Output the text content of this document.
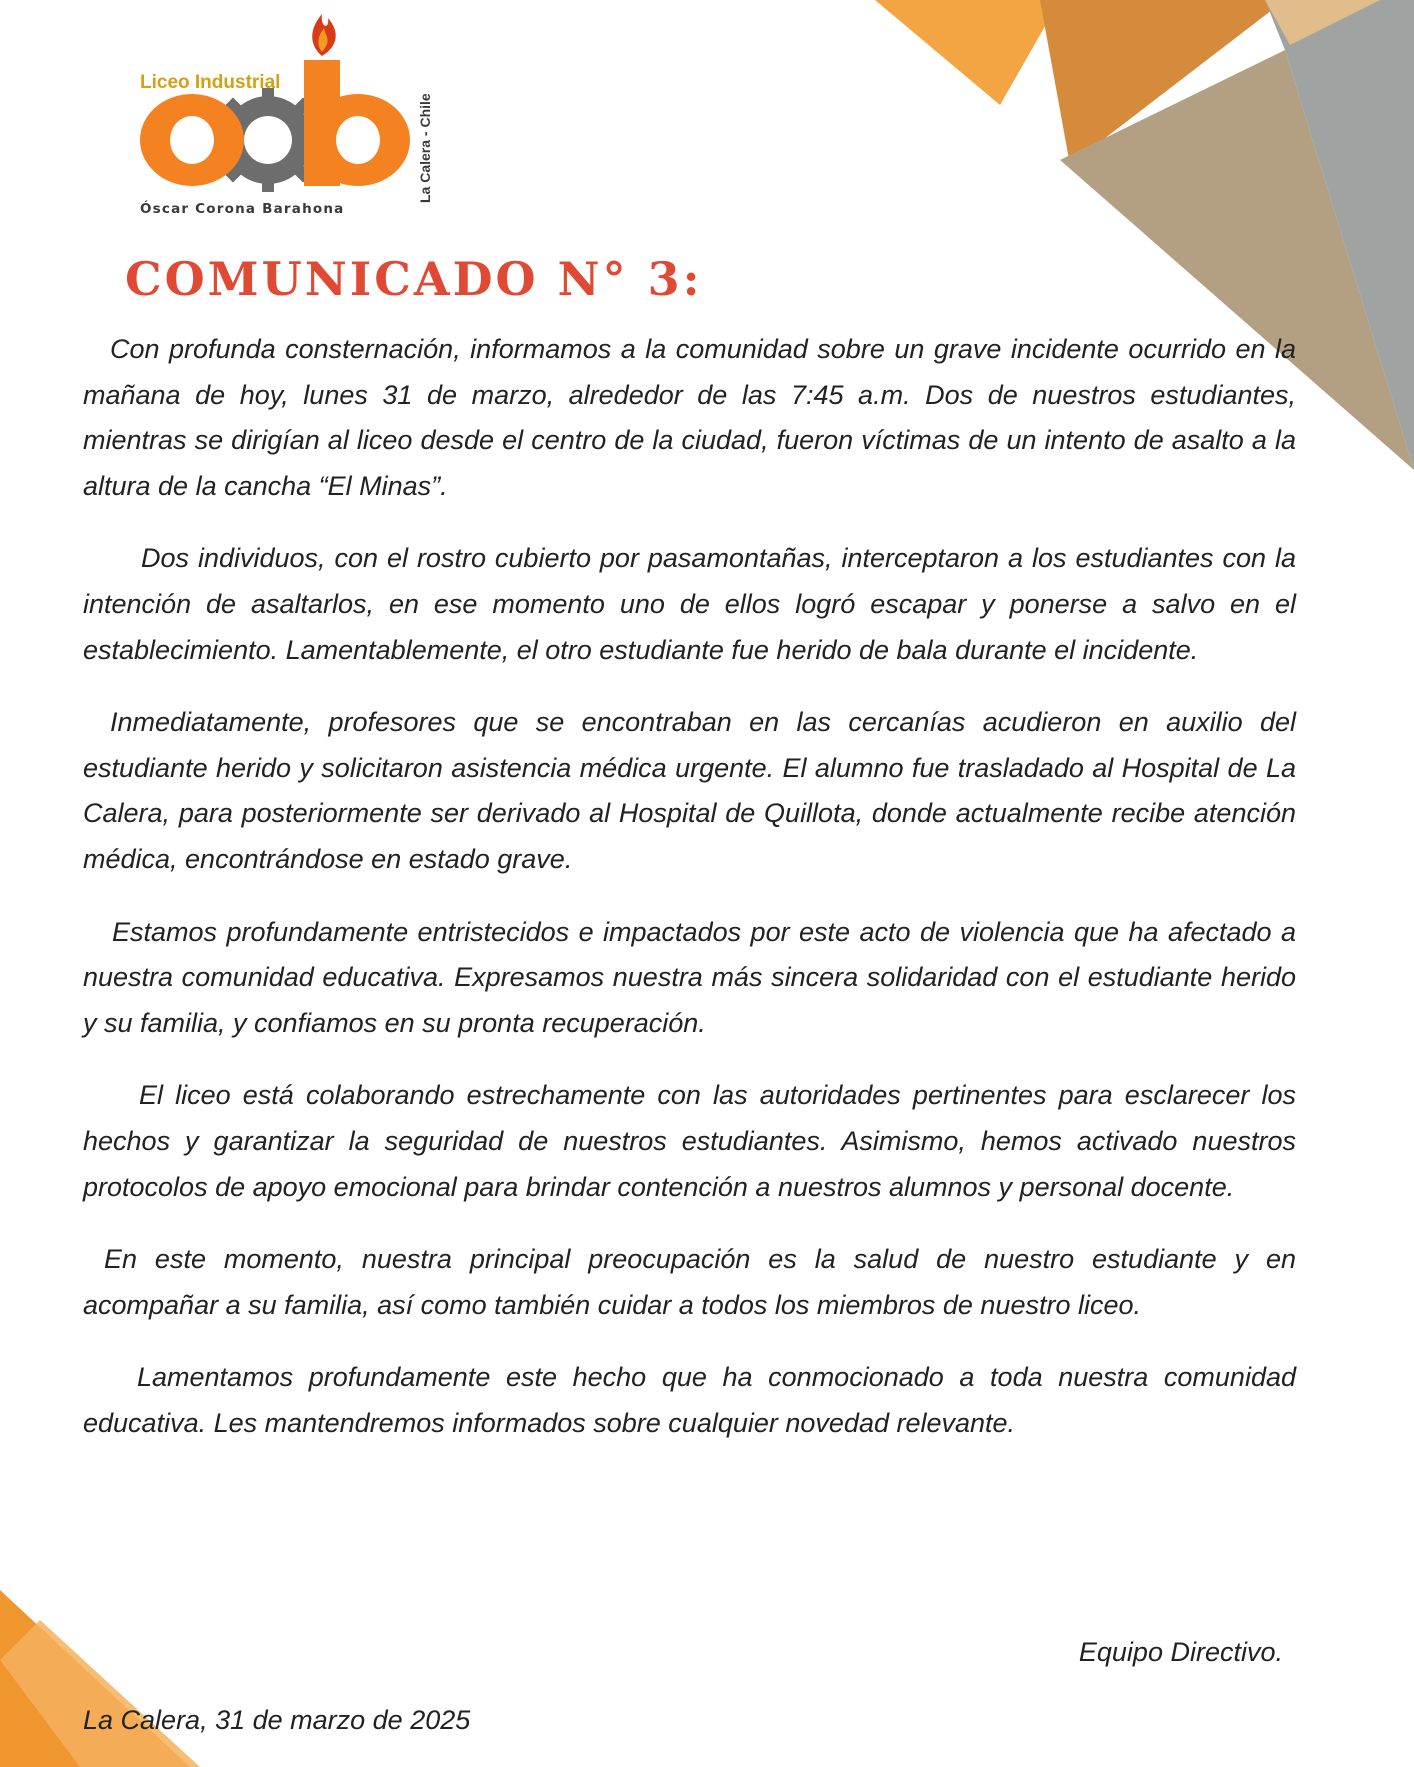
Liceo Industrial
Óscar Corona Barahona
La Calera - Chile
COMUNICADO N° 3:

Con profunda consternación, informamos a la comunidad sobre un grave incidente ocurrido en la mañana de hoy, lunes 31 de marzo, alrededor de las 7:45 a.m. Dos de nuestros estudiantes, mientras se dirigían al liceo desde el centro de la ciudad, fueron víctimas de un intento de asalto a la altura de la cancha “El Minas”.

Dos individuos, con el rostro cubierto por pasamontañas, interceptaron a los estudiantes con la intención de asaltarlos, en ese momento uno de ellos logró escapar y ponerse a salvo en el establecimiento. Lamentablemente, el otro estudiante fue herido de bala durante el incidente.

Inmediatamente, profesores que se encontraban en las cercanías acudieron en auxilio del estudiante herido y solicitaron asistencia médica urgente. El alumno fue trasladado al Hospital de La Calera, para posteriormente ser derivado al Hospital de Quillota, donde actualmente recibe atención médica, encontrándose en estado grave.

Estamos profundamente entristecidos e impactados por este acto de violencia que ha afectado a nuestra comunidad educativa. Expresamos nuestra más sincera solidaridad con el estudiante herido y su familia, y confiamos en su pronta recuperación.

El liceo está colaborando estrechamente con las autoridades pertinentes para esclarecer los hechos y garantizar la seguridad de nuestros estudiantes. Asimismo, hemos activado nuestros protocolos de apoyo emocional para brindar contención a nuestros alumnos y personal docente.

En este momento, nuestra principal preocupación es la salud de nuestro estudiante y en acompañar a su familia, así como también cuidar a todos los miembros de nuestro liceo.

Lamentamos profundamente este hecho que ha conmocionado a toda nuestra comunidad educativa. Les mantendremos informados sobre cualquier novedad relevante.

Equipo Directivo.
La Calera, 31 de marzo de 2025
